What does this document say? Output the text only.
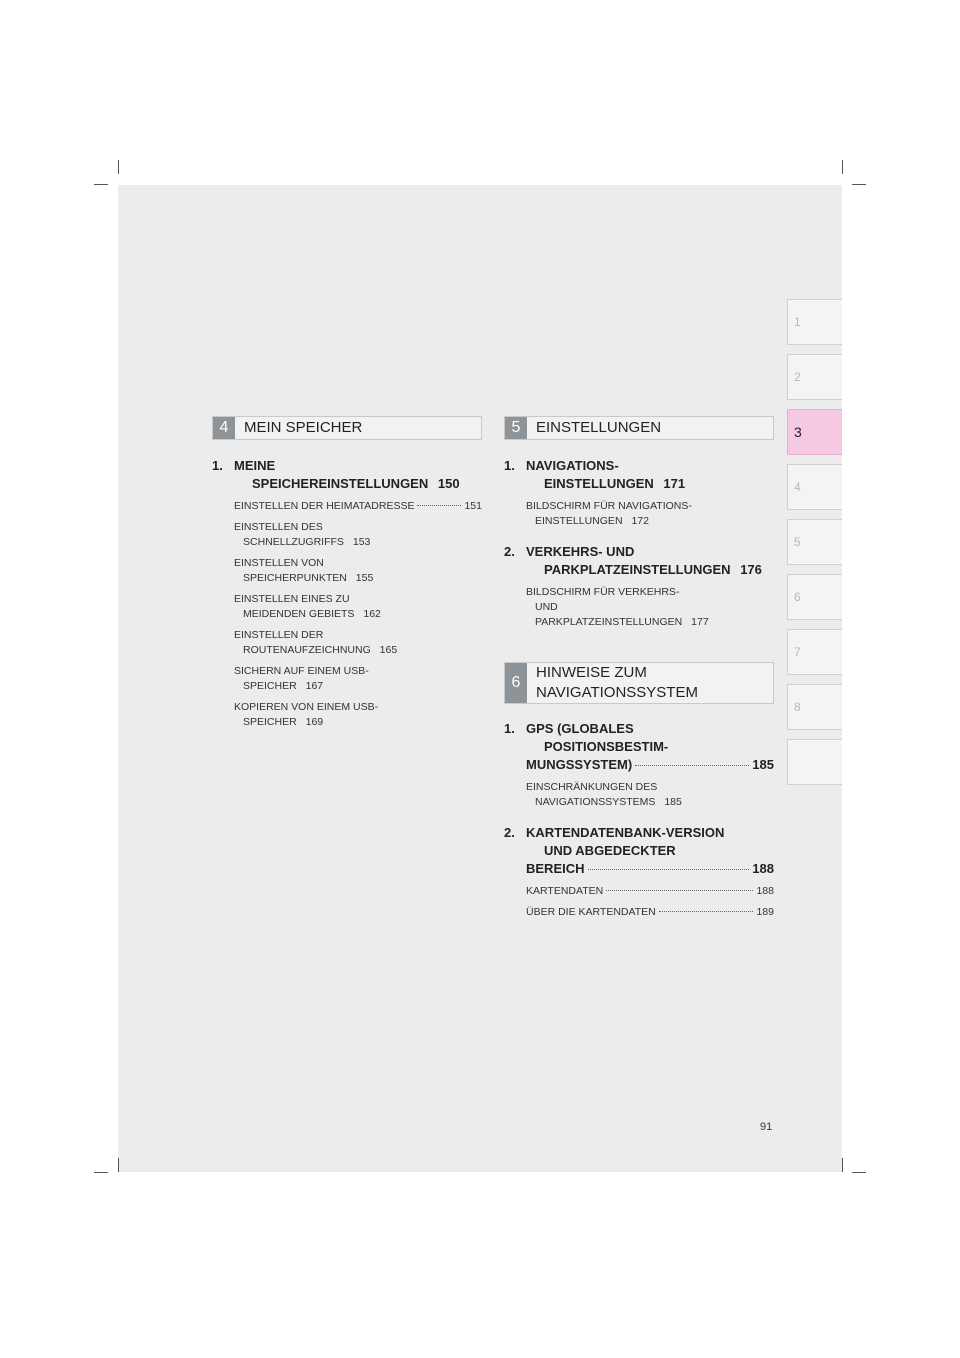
1
2
3
4
5
6
7
8
4	MEIN SPEICHER
1. MEINE
SPEICHEREINSTELLUNGEN 150
EINSTELLEN DER HEIMATADRESSE	151
EINSTELLEN DES
SCHNELLZUGRIFFS 153
EINSTELLEN VON
SPEICHERPUNKTEN 155
EINSTELLEN EINES ZU
MEIDENDEN GEBIETS 162
EINSTELLEN DER
ROUTENAUFZEICHNUNG 165
SICHERN AUF EINEM USB-
SPEICHER 167
KOPIEREN VON EINEM USB-
SPEICHER 169
5	EINSTELLUNGEN
1. NAVIGATIONS-
EINSTELLUNGEN 171
BILDSCHIRM FÜR NAVIGATIONS-
EINSTELLUNGEN 172
2. VERKEHRS- UND
PARKPLATZEINSTELLUNGEN 176
BILDSCHIRM FÜR VERKEHRS-
UND
PARKPLATZEINSTELLUNGEN 177
6
HINWEISE ZUM
NAVIGATIONSSYSTEM
1. GPS (GLOBALES
POSITIONSBESTIM-
MUNGSSYSTEM)	185
EINSCHRÄNKUNGEN DES
NAVIGATIONSSYSTEMS 185
2. KARTENDATENBANK-VERSION
UND ABGEDECKTER
BEREICH	188
KARTENDATEN	188
ÜBER DIE KARTENDATEN	189
91
